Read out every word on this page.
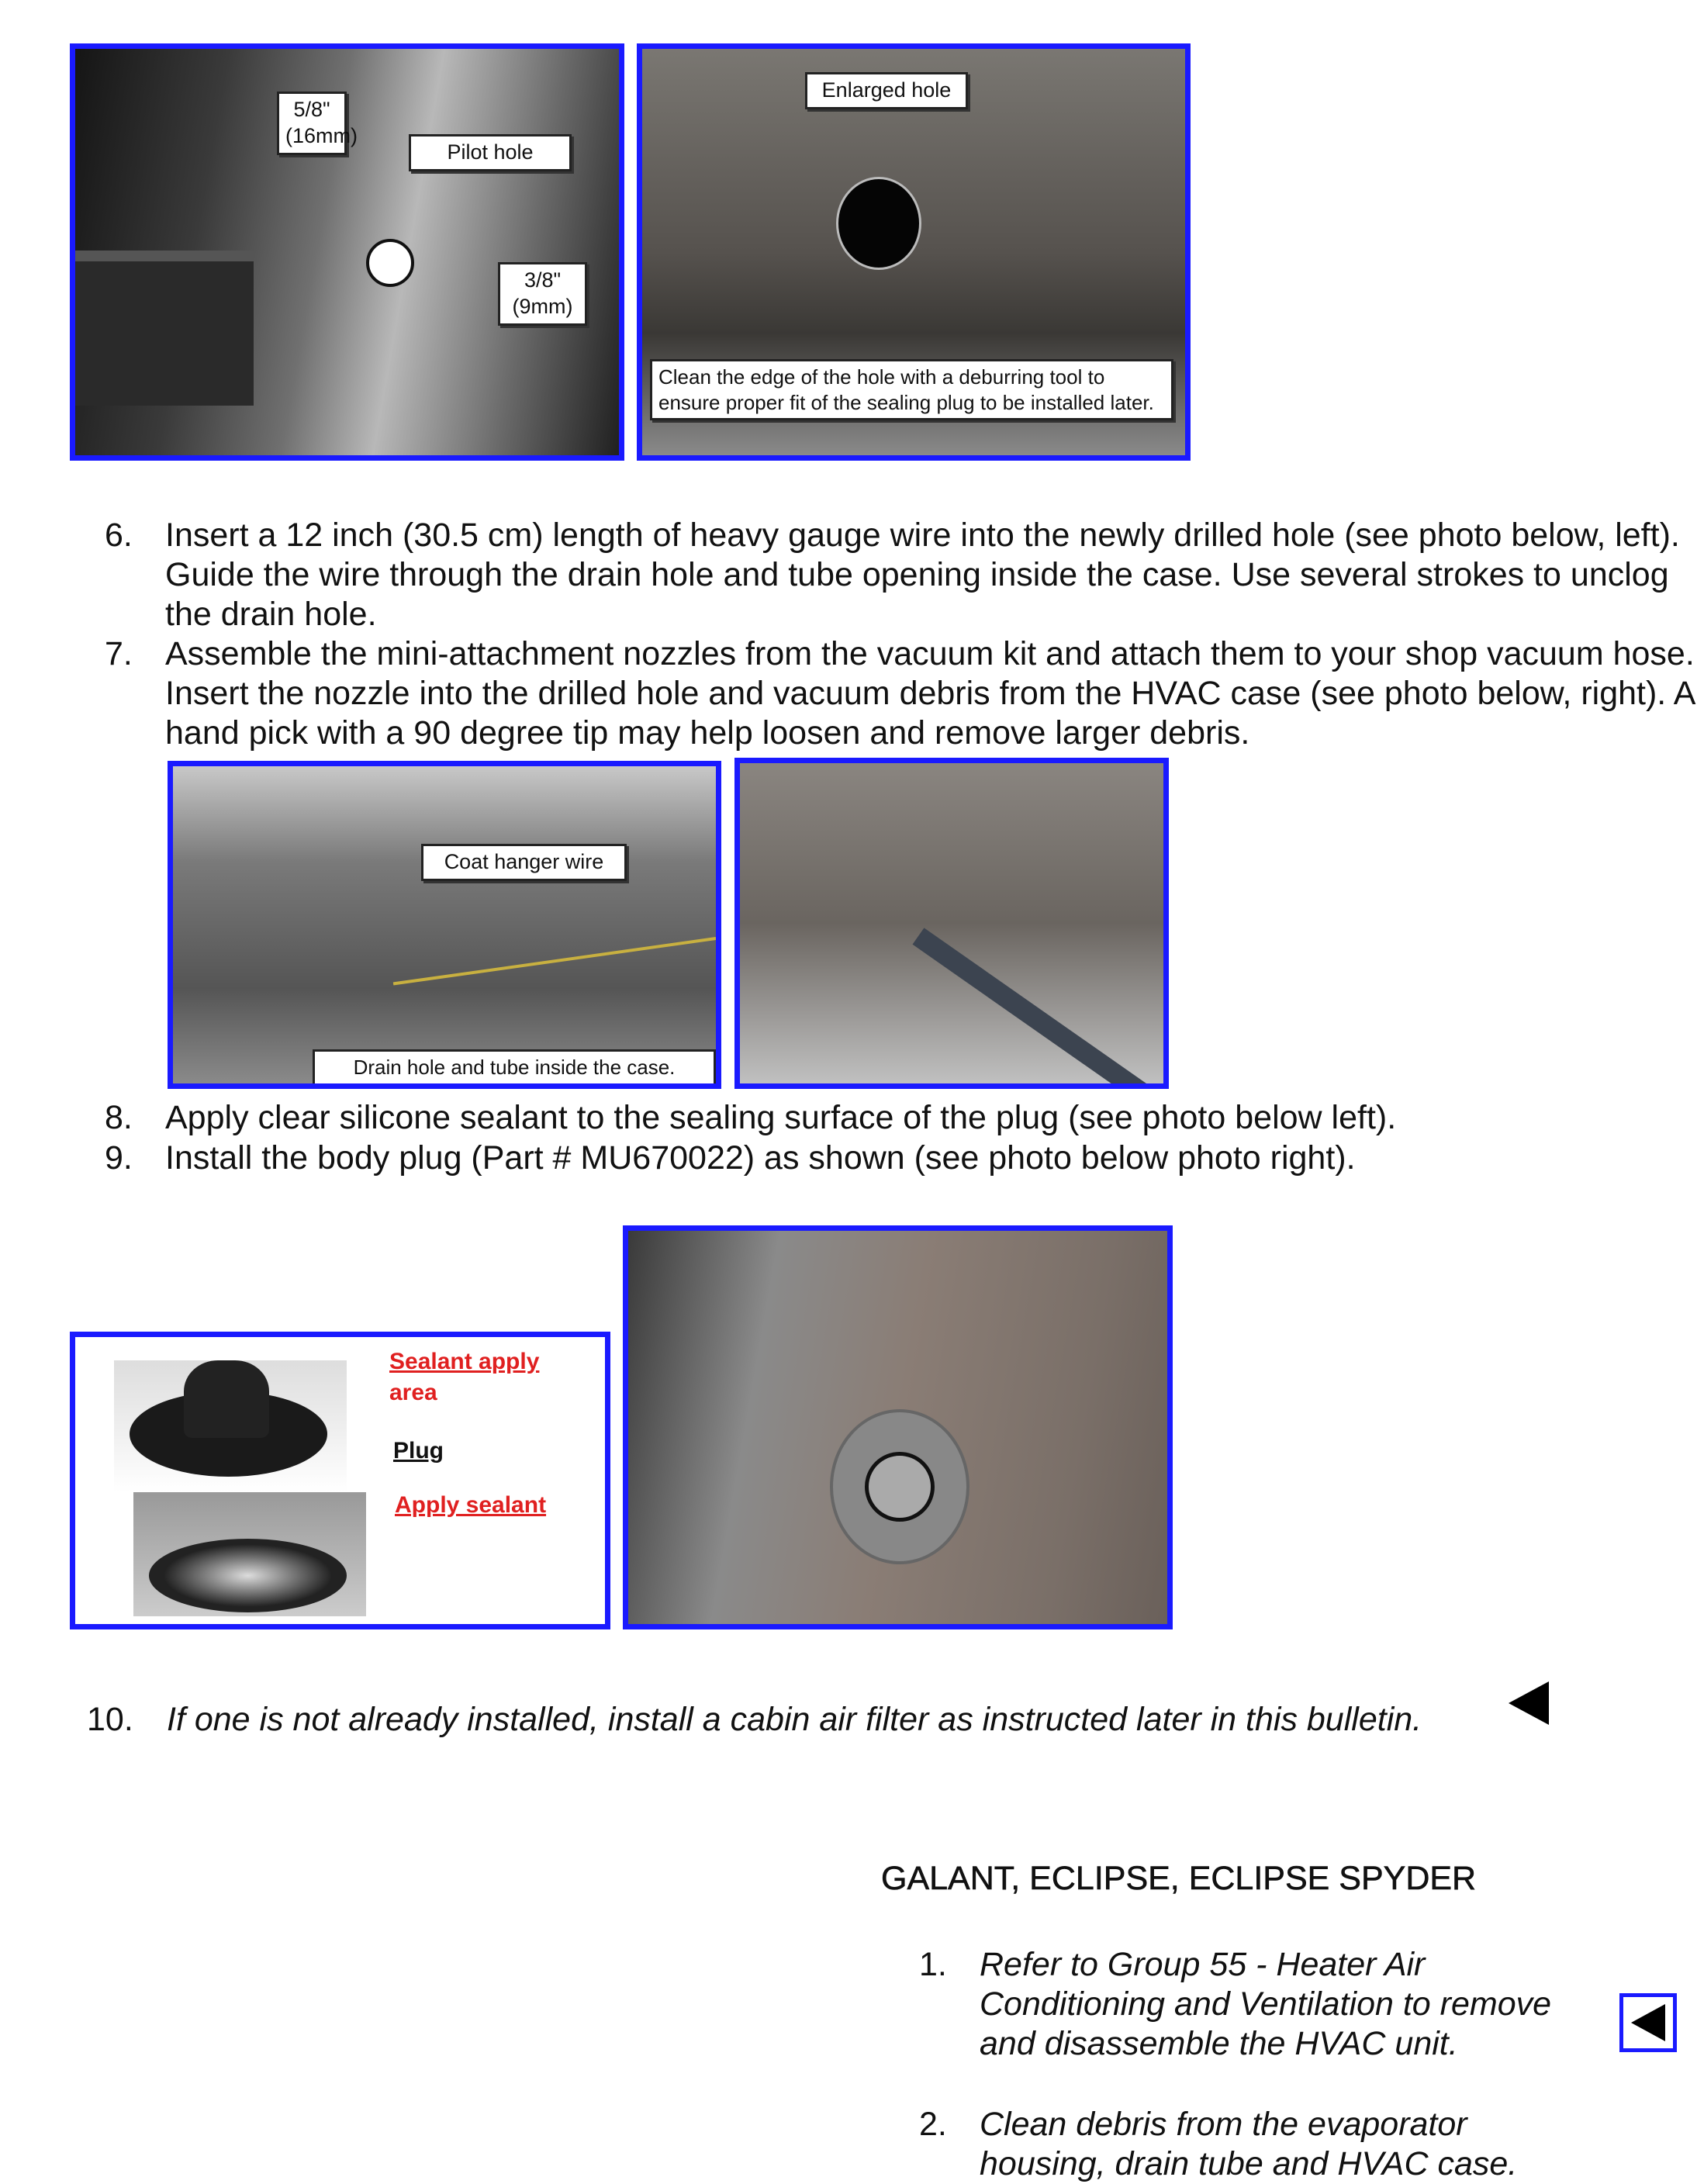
5/8"
(16mm)
Pilot hole
3/8"
(9mm)
Enlarged hole
Clean the edge of the hole with a deburring tool to ensure proper fit of the sealing plug to be installed later.
6. Insert a 12 inch (30.5 cm) length of heavy gauge wire into the newly drilled hole (see photo below, left). Guide the wire through the drain hole and tube opening inside the case. Use several strokes to unclog the drain hole.
7. Assemble the mini-attachment nozzles from the vacuum kit and attach them to your shop vacuum hose. Insert the nozzle into the drilled hole and vacuum debris from the HVAC case (see photo below, right). A hand pick with a 90 degree tip may help loosen and remove larger debris.
Coat hanger wire
Drain hole and tube inside the case.
8. Apply clear silicone sealant to the sealing surface of the plug (see photo below left).
9. Install the body plug (Part # MU670022) as shown (see photo below photo right).
Sealant apply
area
Plug
Apply sealant
10. If one is not already installed, install a cabin air filter as instructed later in this bulletin.
GALANT, ECLIPSE, ECLIPSE SPYDER
1. Refer to Group 55 - Heater Air Conditioning and Ventilation to remove and disassemble the HVAC unit.
2. Clean debris from the evaporator housing, drain tube and HVAC case.
